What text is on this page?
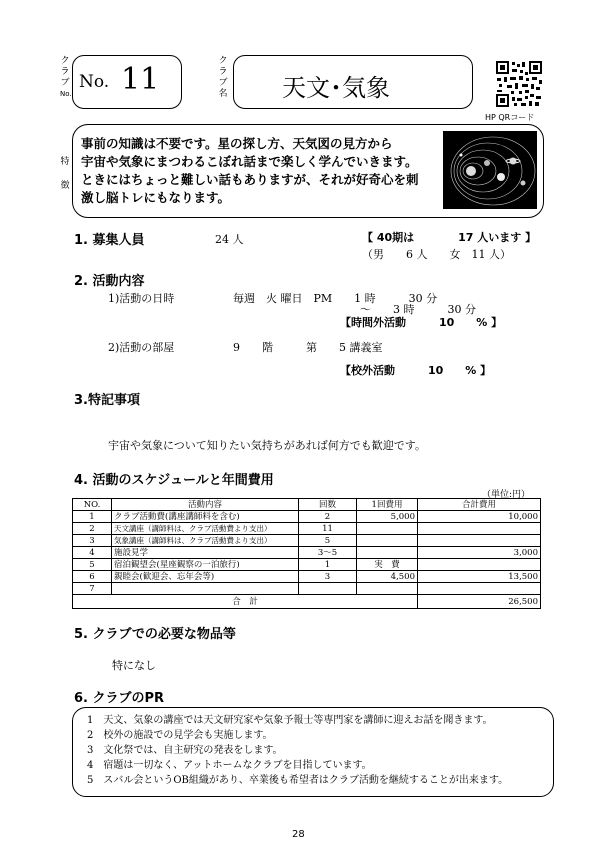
ク
ラ
ブ
No.
No. 11
ク
ラ
ブ
名 天文･気象
HP QRコード
特
徴
事前の知識は不要です。星の探し方、天気図の見方から
宇宙や気象にまつわるこぼれ話まで楽しく学んでいきます。
ときにはちょっと難しい話もありますが、それが好奇心を刺
激し脳トレにもなります。
1. 募集人員	24 人	【 40期は　　　　17 人います 】
（男　　6 人　　女　11 人）
2. 活動内容
1)活動の日時	毎週　火 曜日　PM　　1 時　　　30 分
～　　3 時　　　30 分
【時間外活動　　　10　　% 】
2)活動の部屋	9　　階　　　第　　5 講義室
【校外活動　　　10　　% 】
3.特記事項
宇宙や気象について知りたい気持ちがあれば何方でも歓迎です。
4. 活動のスケジュールと年間費用
（単位:円）
NO.	活動内容	回数	1回費用	合計費用
1	クラブ活動費(講座講師料を含む)	2	5,000	10,000
2	天文講座（講師料は、クラブ活動費より支出）	11		
3	気象講座（講師料は、クラブ活動費より支出）	5		
4	施設見学	3～5		3,000
5	宿泊観望会(星座観察の一泊旅行)	1	実　費	
6	親睦会(歓迎会、忘年会等)	3	4,500	13,500
7				
合　計				26,500
5. クラブでの必要な物品等
特になし
6. クラブのPR
1　天文、気象の講座では天文研究家や気象予報士等専門家を講師に迎えお話を聞きます。
2　校外の施設での見学会も実施します。
3　文化祭では、自主研究の発表をします。
4　宿題は一切なく、アットホームなクラブを目指しています。
5　スバル会というOB組織があり、卒業後も希望者はクラブ活動を継続することが出来ます。
28
